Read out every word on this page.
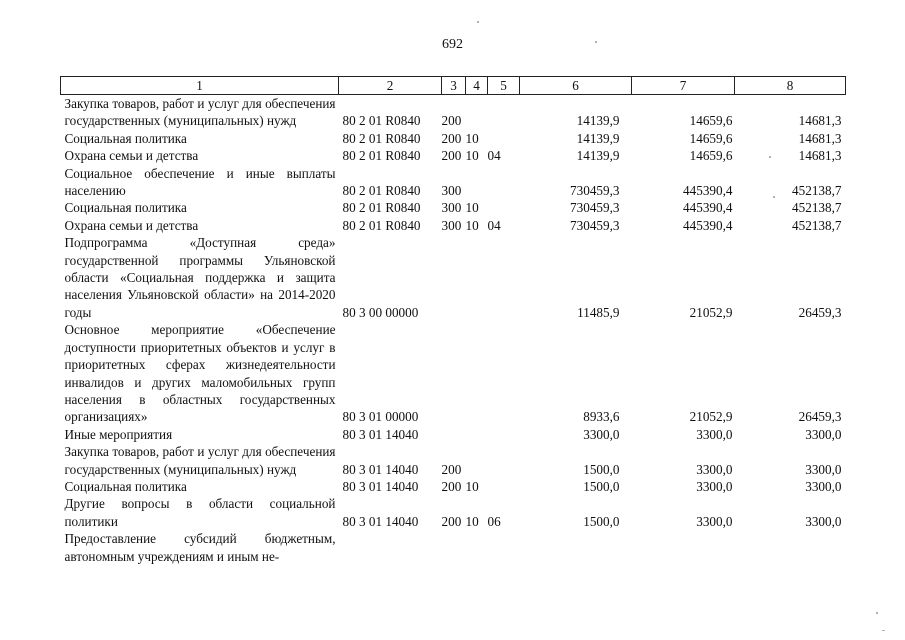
692
1	2	3	4	5	6	7	8
Закупка товаров, работ и услуг для обеспечения государственных (муниципальных) нужд	80 2 01 R0840	200			14139,9	14659,6	14681,3
Социальная политика	80 2 01 R0840	200	10		14139,9	14659,6	14681,3
Охрана семьи и детства	80 2 01 R0840	200	10	04	14139,9	14659,6	14681,3
Социальное обеспечение и иные выплаты населению	80 2 01 R0840	300			730459,3	445390,4	452138,7
Социальная политика	80 2 01 R0840	300	10		730459,3	445390,4	452138,7
Охрана семьи и детства	80 2 01 R0840	300	10	04	730459,3	445390,4	452138,7
Подпрограмма «Доступная среда» государственной программы Ульяновской области «Социальная поддержка и защита населения Ульяновской области» на 2014-2020 годы	80 3 00 00000				11485,9	21052,9	26459,3
Основное мероприятие «Обеспечение доступности приоритетных объектов и услуг в приоритетных сферах жизнедеятельности инвалидов и других маломобильных групп населения в областных государственных организациях»	80 3 01 00000				8933,6	21052,9	26459,3
Иные мероприятия	80 3 01 14040				3300,0	3300,0	3300,0
Закупка товаров, работ и услуг для обеспечения государственных (муниципальных) нужд	80 3 01 14040	200			1500,0	3300,0	3300,0
Социальная политика	80 3 01 14040	200	10		1500,0	3300,0	3300,0
Другие вопросы в области социальной политики	80 3 01 14040	200	10	06	1500,0	3300,0	3300,0
Предоставление субсидий бюджетным, автономным учреждениям и иным не-							
